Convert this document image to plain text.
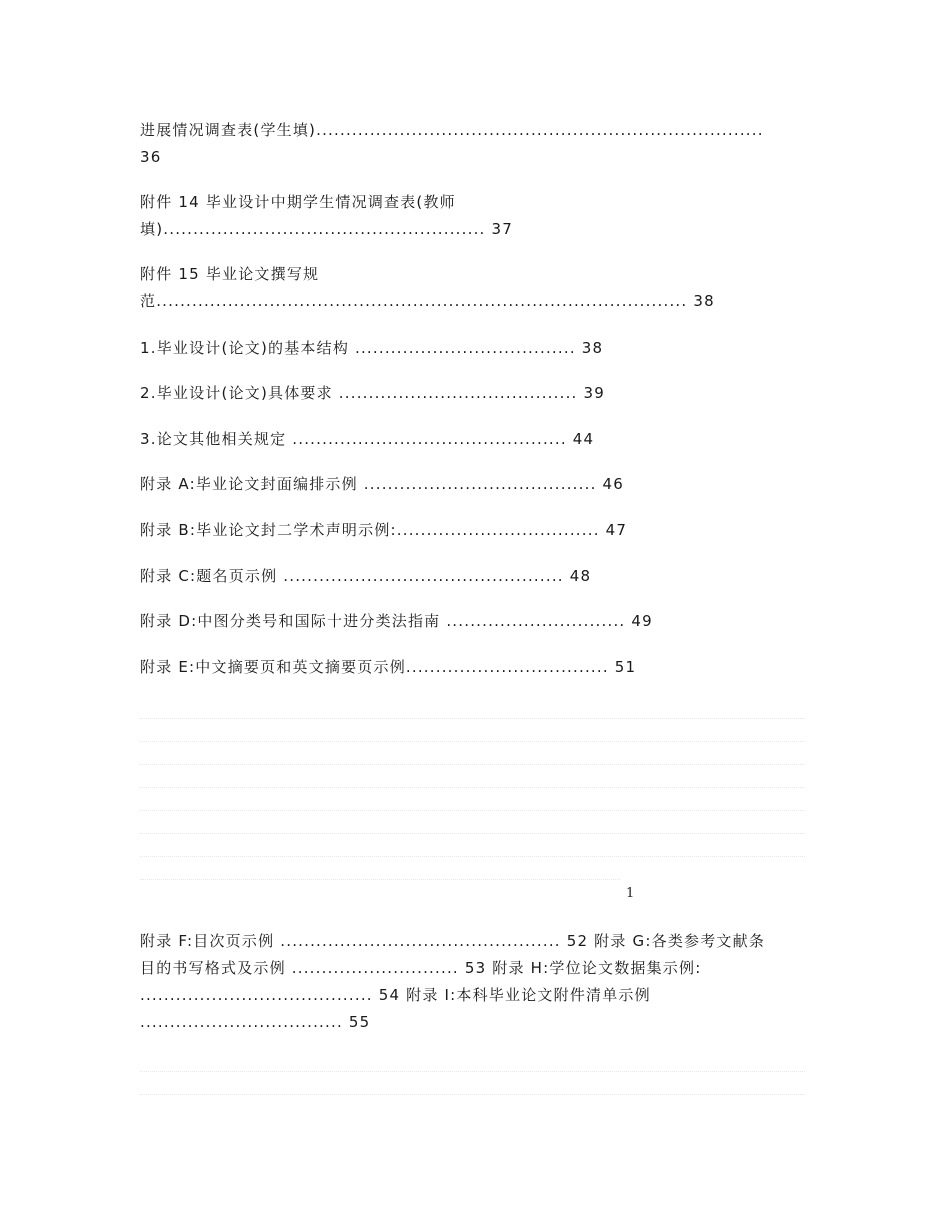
进展情况调查表(学生填)...........................................................................
36
附件 14 毕业设计中期学生情况调查表(教师
填)...................................................... 37
附件 15 毕业论文撰写规
范......................................................................................... 38
1.毕业设计(论文)的基本结构 ..................................... 38
2.毕业设计(论文)具体要求 ........................................ 39
3.论文其他相关规定 .............................................. 44
附录 A:毕业论文封面编排示例 ....................................... 46
附录 B:毕业论文封二学术声明示例:.................................. 47
附录 C:题名页示例 ............................................... 48
附录 D:中图分类号和国际十进分类法指南 .............................. 49
附录 E:中文摘要页和英文摘要页示例.................................. 51
1
附录 F:目次页示例 ............................................... 52 附录 G:各类参考文献条
目的书写格式及示例 ............................ 53 附录 H:学位论文数据集示例:
....................................... 54 附录 I:本科毕业论文附件清单示例
.................................. 55
